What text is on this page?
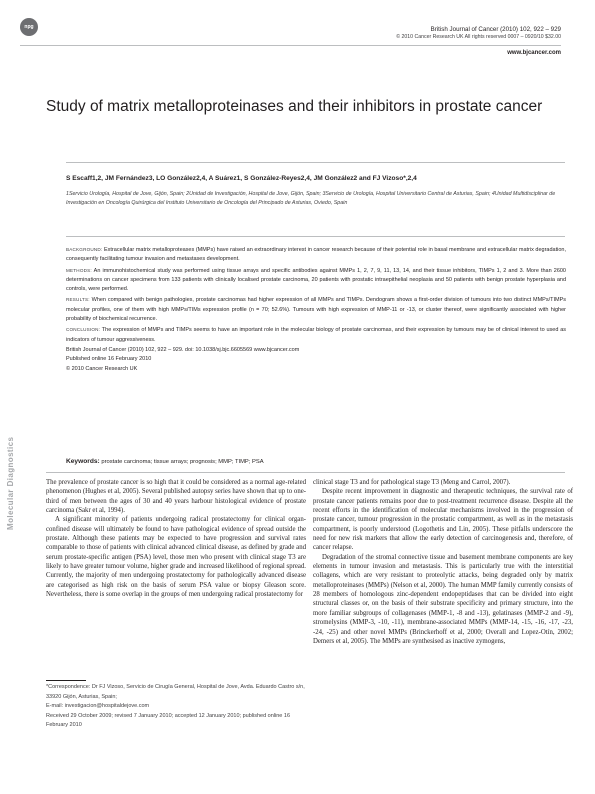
npg	British Journal of Cancer (2010) 102, 922 – 929
© 2010 Cancer Research UK All rights reserved 0007 – 0920/10 $32.00
www.bjcancer.com
Study of matrix metalloproteinases and their inhibitors in prostate cancer
S Escaff1,2, JM Fernández3, LO González2,4, A Suárez1, S González-Reyes2,4, JM González2 and FJ Vizoso*,2,4
1Servicio Urología, Hospital de Jove, Gijón, Spain; 2Unidad de Investigación, Hospital de Jove, Gijón, Spain; 3Servicio de Urología, Hospital Universitario Central de Asturias, Spain; 4Unidad Multidisciplinar de Investigación en Oncología Quirúrgica del Instituto Universitario de Oncología del Principado de Asturias, Oviedo, Spain

BACKGROUND: Extracellular matrix metalloproteases (MMPs) have raised an extraordinary interest in cancer research because of their potential role in basal membrane and extracellular matrix degradation, consequently facilitating tumour invasion and metastases development.

METHODS: An immunohistochemical study was performed using tissue arrays and specific antibodies against MMPs 1, 2, 7, 9, 11, 13, 14, and their tissue inhibitors, TIMPs 1, 2 and 3. More than 2600 determinations on cancer specimens from 133 patients with clinically localised prostate carcinoma, 20 patients with prostatic intraepithelial neoplasia and 50 patients with benign prostate hyperplasia and controls, were performed.

RESULTS: When compared with benign pathologies, prostate carcinomas had higher expression of all MMPs and TIMPs. Dendogram shows a first-order division of tumours into two distinct MMPs/TIMPs molecular profiles, one of them with high MMPs/TIMs expression profile (n = 70; 52.6%). Tumours with high expression of MMP-11 or -13, or cluster thereof, were significantly associated with higher probability of biochemical recurrence.

CONCLUSION: The expression of MMPs and TIMPs seems to have an important role in the molecular biology of prostate carcinomas, and their expression by tumours may be of clinical interest to used as indicators of tumour aggressiveness.

British Journal of Cancer (2010) 102, 922 – 929. doi: 10.1038/sj.bjc.6605569 www.bjcancer.com
Published online 16 February 2010
© 2010 Cancer Research UK
Keywords: prostate carcinoma; tissue arrays; prognosis; MMP; TIMP; PSA
Molecular Diagnostics	The prevalence of prostate cancer is so high that it could be considered as a normal age-related phenomenon (Hughes et al, 2005). Several published autopsy series have shown that up to one-third of men between the ages of 30 and 40 years harbour histological evidence of prostate carcinoma (Sakr et al, 1994).

A significant minority of patients undergoing radical prostatectomy for clinical organ-confined disease will ultimately be found to have pathological evidence of spread outside the prostate. Although these patients may be expected to have progression and survival rates comparable to those of patients with clinical advanced clinical disease, as defined by grade and serum prostate-specific antigen (PSA) level, those men who present with clinical stage T3 are likely to have greater tumour volume, higher grade and increased likelihood of regional spread. Currently, the majority of men undergoing prostatectomy for pathologically advanced disease are categorised as high risk on the basis of serum PSA value or biopsy Gleason score. Nevertheless, there is some overlap in the groups of men undergoing radical prostatectomy for

clinical stage T3 and for pathological stage T3 (Meng and Carrol, 2007).

Despite recent improvement in diagnostic and therapeutic techniques, the survival rate of prostate cancer patients remains poor due to post-treatment recurrence disease. Despite all the recent efforts in the identification of molecular mechanisms involved in the progression of prostate cancer, tumour progression in the prostatic compartment, as well as in the metastasis compartment, is poorly understood (Logothetis and Lin, 2005). These pitfalls underscore the need for new risk markers that allow the early detection of carcinogenesis and, therefore, of cancer relapse.

Degradation of the stromal connective tissue and basement membrane components are key elements in tumour invasion and metastasis. This is particularly true with the interstitial collagens, which are very resistant to proteolytic attacks, being degraded only by matrix metalloproteinases (MMPs) (Nelson et al, 2000). The human MMP family currently consists of 28 members of homologous zinc-dependent endopeptidases that can be divided into eight structural classes or, on the basis of their substrate specificity and primary structure, into the more familiar subgroups of collagenases (MMP-1, -8 and -13), gelatinases (MMP-2 and -9), stromelysins (MMP-3, -10, -11), membrane-associated MMPs (MMP-14, -15, -16, -17, -23, -24, -25) and other novel MMPs (Brinckerhoff et al, 2000; Overall and Lopez-Otín, 2002; Demers et al, 2005). The MMPs are synthesised as inactive zymogens,

*Correspondence: Dr FJ Vizoso, Servicio de Cirugía General, Hospital de Jove, Avda. Eduardo Castro s/n, 33920 Gijón, Asturias, Spain;
E-mail: investigacion@hospitaldejove.com
Received 29 October 2009; revised 7 January 2010; accepted 12 January 2010; published online 16 February 2010
